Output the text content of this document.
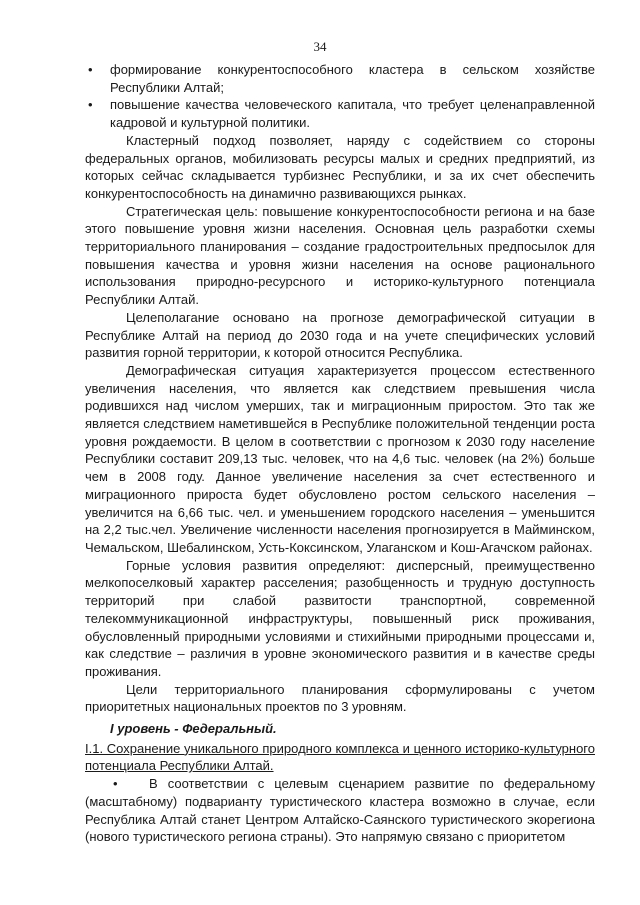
34
• формирование конкурентоспособного кластера в сельском хозяйстве Республики Алтай;
• повышение качества человеческого капитала, что требует целенаправленной кадровой и культурной политики.

Кластерный подход позволяет, наряду с содействием со стороны федеральных органов, мобилизовать ресурсы малых и средних предприятий, из которых сейчас складывается турбизнес Республики, и за их счет обеспечить конкурентоспособность на динамично развивающихся рынках.

Стратегическая цель: повышение конкурентоспособности региона и на базе этого повышение уровня жизни населения. Основная цель разработки схемы территориального планирования – создание градостроительных предпосылок для повышения качества и уровня жизни населения на основе рационального использования природно-ресурсного и историко-культурного потенциала Республики Алтай.

Целеполагание основано на прогнозе демографической ситуации в Республике Алтай на период до 2030 года и на учете специфических условий развития горной территории, к которой относится Республика.

Демографическая ситуация характеризуется процессом естественного увеличения населения, что является как следствием превышения числа родившихся над числом умерших, так и миграционным приростом. Это так же является следствием наметившейся в Республике положительной тенденции роста уровня рождаемости. В целом в соответствии с прогнозом к 2030 году население Республики составит 209,13 тыс. человек, что на 4,6 тыс. человек (на 2%) больше чем в 2008 году. Данное увеличение населения за счет естественного и миграционного прироста будет обусловлено ростом сельского населения – увеличится на 6,66 тыс. чел. и уменьшением городского населения – уменьшится на 2,2 тыс.чел. Увеличение численности населения прогнозируется в Майминском, Чемальском, Шебалинском, Усть-Коксинском, Улаганском и Кош-Агачском районах.

Горные условия развития определяют: дисперсный, преимущественно мелкопоселковый характер расселения; разобщенность и трудную доступность территорий при слабой развитости транспортной, современной телекоммуникационной инфраструктуры, повышенный риск проживания, обусловленный природными условиями и стихийными природными процессами и, как следствие – различия в уровне экономического развития и в качестве среды проживания.

Цели территориального планирования сформулированы с учетом приоритетных национальных проектов по 3 уровням.

I уровень - Федеральный.

I.1. Сохранение уникального природного комплекса и ценного историко-культурного потенциала Республики Алтай.

• В соответствии с целевым сценарием развитие по федеральному (масштабному) подварианту туристического кластера возможно в случае, если Республика Алтай станет Центром Алтайско-Саянского туристического экорегиона (нового туристического региона страны). Это напрямую связано с приоритетом
